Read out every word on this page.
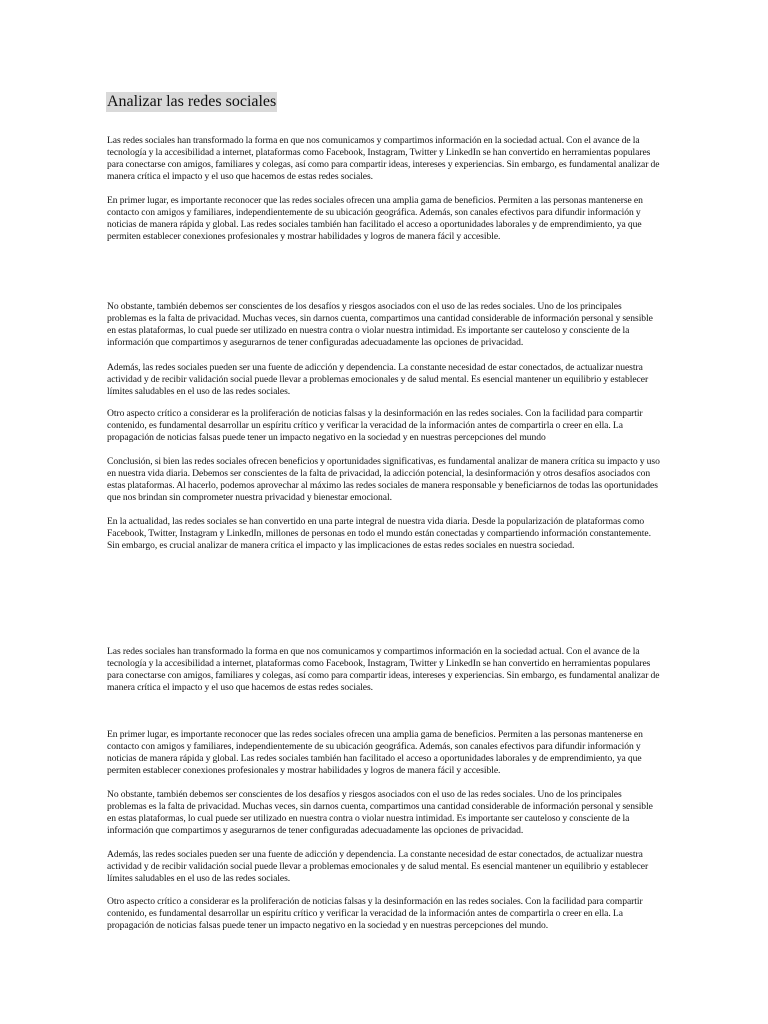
Analizar las redes sociales

Las redes sociales han transformado la forma en que nos comunicamos y compartimos información en la sociedad actual. Con el avance de la tecnología y la accesibilidad a internet, plataformas como Facebook, Instagram, Twitter y LinkedIn se han convertido en herramientas populares para conectarse con amigos, familiares y colegas, así como para compartir ideas, intereses y experiencias. Sin embargo, es fundamental analizar de manera crítica el impacto y el uso que hacemos de estas redes sociales.

En primer lugar, es importante reconocer que las redes sociales ofrecen una amplia gama de beneficios. Permiten a las personas mantenerse en contacto con amigos y familiares, independientemente de su ubicación geográfica. Además, son canales efectivos para difundir información y noticias de manera rápida y global. Las redes sociales también han facilitado el acceso a oportunidades laborales y de emprendimiento, ya que permiten establecer conexiones profesionales y mostrar habilidades y logros de manera fácil y accesible.

No obstante, también debemos ser conscientes de los desafíos y riesgos asociados con el uso de las redes sociales. Uno de los principales problemas es la falta de privacidad. Muchas veces, sin darnos cuenta, compartimos una cantidad considerable de información personal y sensible en estas plataformas, lo cual puede ser utilizado en nuestra contra o violar nuestra intimidad. Es importante ser cauteloso y consciente de la información que compartimos y asegurarnos de tener configuradas adecuadamente las opciones de privacidad.

Además, las redes sociales pueden ser una fuente de adicción y dependencia. La constante necesidad de estar conectados, de actualizar nuestra actividad y de recibir validación social puede llevar a problemas emocionales y de salud mental. Es esencial mantener un equilibrio y establecer límites saludables en el uso de las redes sociales.

Otro aspecto crítico a considerar es la proliferación de noticias falsas y la desinformación en las redes sociales. Con la facilidad para compartir contenido, es fundamental desarrollar un espíritu crítico y verificar la veracidad de la información antes de compartirla o creer en ella. La propagación de noticias falsas puede tener un impacto negativo en la sociedad y en nuestras percepciones del mundo

Conclusión, si bien las redes sociales ofrecen beneficios y oportunidades significativas, es fundamental analizar de manera crítica su impacto y uso en nuestra vida diaria. Debemos ser conscientes de la falta de privacidad, la adicción potencial, la desinformación y otros desafíos asociados con estas plataformas. Al hacerlo, podemos aprovechar al máximo las redes sociales de manera responsable y beneficiarnos de todas las oportunidades que nos brindan sin comprometer nuestra privacidad y bienestar emocional.

En la actualidad, las redes sociales se han convertido en una parte integral de nuestra vida diaria. Desde la popularización de plataformas como Facebook, Twitter, Instagram y LinkedIn, millones de personas en todo el mundo están conectadas y compartiendo información constantemente. Sin embargo, es crucial analizar de manera crítica el impacto y las implicaciones de estas redes sociales en nuestra sociedad.

Las redes sociales han transformado la forma en que nos comunicamos y compartimos información en la sociedad actual. Con el avance de la tecnología y la accesibilidad a internet, plataformas como Facebook, Instagram, Twitter y LinkedIn se han convertido en herramientas populares para conectarse con amigos, familiares y colegas, así como para compartir ideas, intereses y experiencias. Sin embargo, es fundamental analizar de manera crítica el impacto y el uso que hacemos de estas redes sociales.

En primer lugar, es importante reconocer que las redes sociales ofrecen una amplia gama de beneficios. Permiten a las personas mantenerse en contacto con amigos y familiares, independientemente de su ubicación geográfica. Además, son canales efectivos para difundir información y noticias de manera rápida y global. Las redes sociales también han facilitado el acceso a oportunidades laborales y de emprendimiento, ya que permiten establecer conexiones profesionales y mostrar habilidades y logros de manera fácil y accesible.

No obstante, también debemos ser conscientes de los desafíos y riesgos asociados con el uso de las redes sociales. Uno de los principales problemas es la falta de privacidad. Muchas veces, sin darnos cuenta, compartimos una cantidad considerable de información personal y sensible en estas plataformas, lo cual puede ser utilizado en nuestra contra o violar nuestra intimidad. Es importante ser cauteloso y consciente de la información que compartimos y asegurarnos de tener configuradas adecuadamente las opciones de privacidad.

Además, las redes sociales pueden ser una fuente de adicción y dependencia. La constante necesidad de estar conectados, de actualizar nuestra actividad y de recibir validación social puede llevar a problemas emocionales y de salud mental. Es esencial mantener un equilibrio y establecer límites saludables en el uso de las redes sociales.

Otro aspecto crítico a considerar es la proliferación de noticias falsas y la desinformación en las redes sociales. Con la facilidad para compartir contenido, es fundamental desarrollar un espíritu crítico y verificar la veracidad de la información antes de compartirla o creer en ella. La propagación de noticias falsas puede tener un impacto negativo en la sociedad y en nuestras percepciones del mundo.
